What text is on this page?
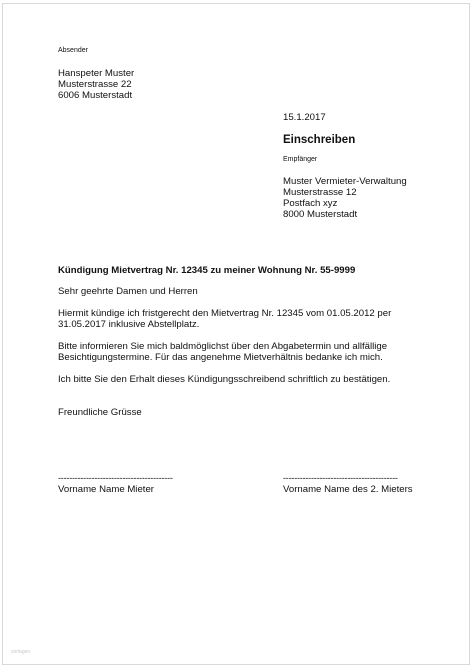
Absender

Hanspeter Muster

Musterstrasse 22

6006 Musterstadt

15.1.2017

Einschreiben

Empfänger

Muster Vermieter-Verwaltung

Musterstrasse 12

Postfach xyz

8000 Musterstadt

Kündigung Mietvertrag Nr. 12345 zu meiner Wohnung Nr. 55-9999

Sehr geehrte Damen und Herren

Hiermit kündige ich fristgerecht den Mietvertrag Nr. 12345 vom 01.05.2012 per

31.05.2017 inklusive Abstellplatz.

Bitte informieren Sie mich baldmöglichst über den Abgabetermin und allfällige

Besichtigungstermine. Für das angenehme Mietverhältnis bedanke ich mich.

Ich bitte Sie den Erhalt dieses Kündigungsschreibend schriftlich zu bestätigen.

Freundliche Grüsse

-----------------------------------------

Vorname Name Mieter

-----------------------------------------

Vorname Name des 2. Mieters

vorlagen
